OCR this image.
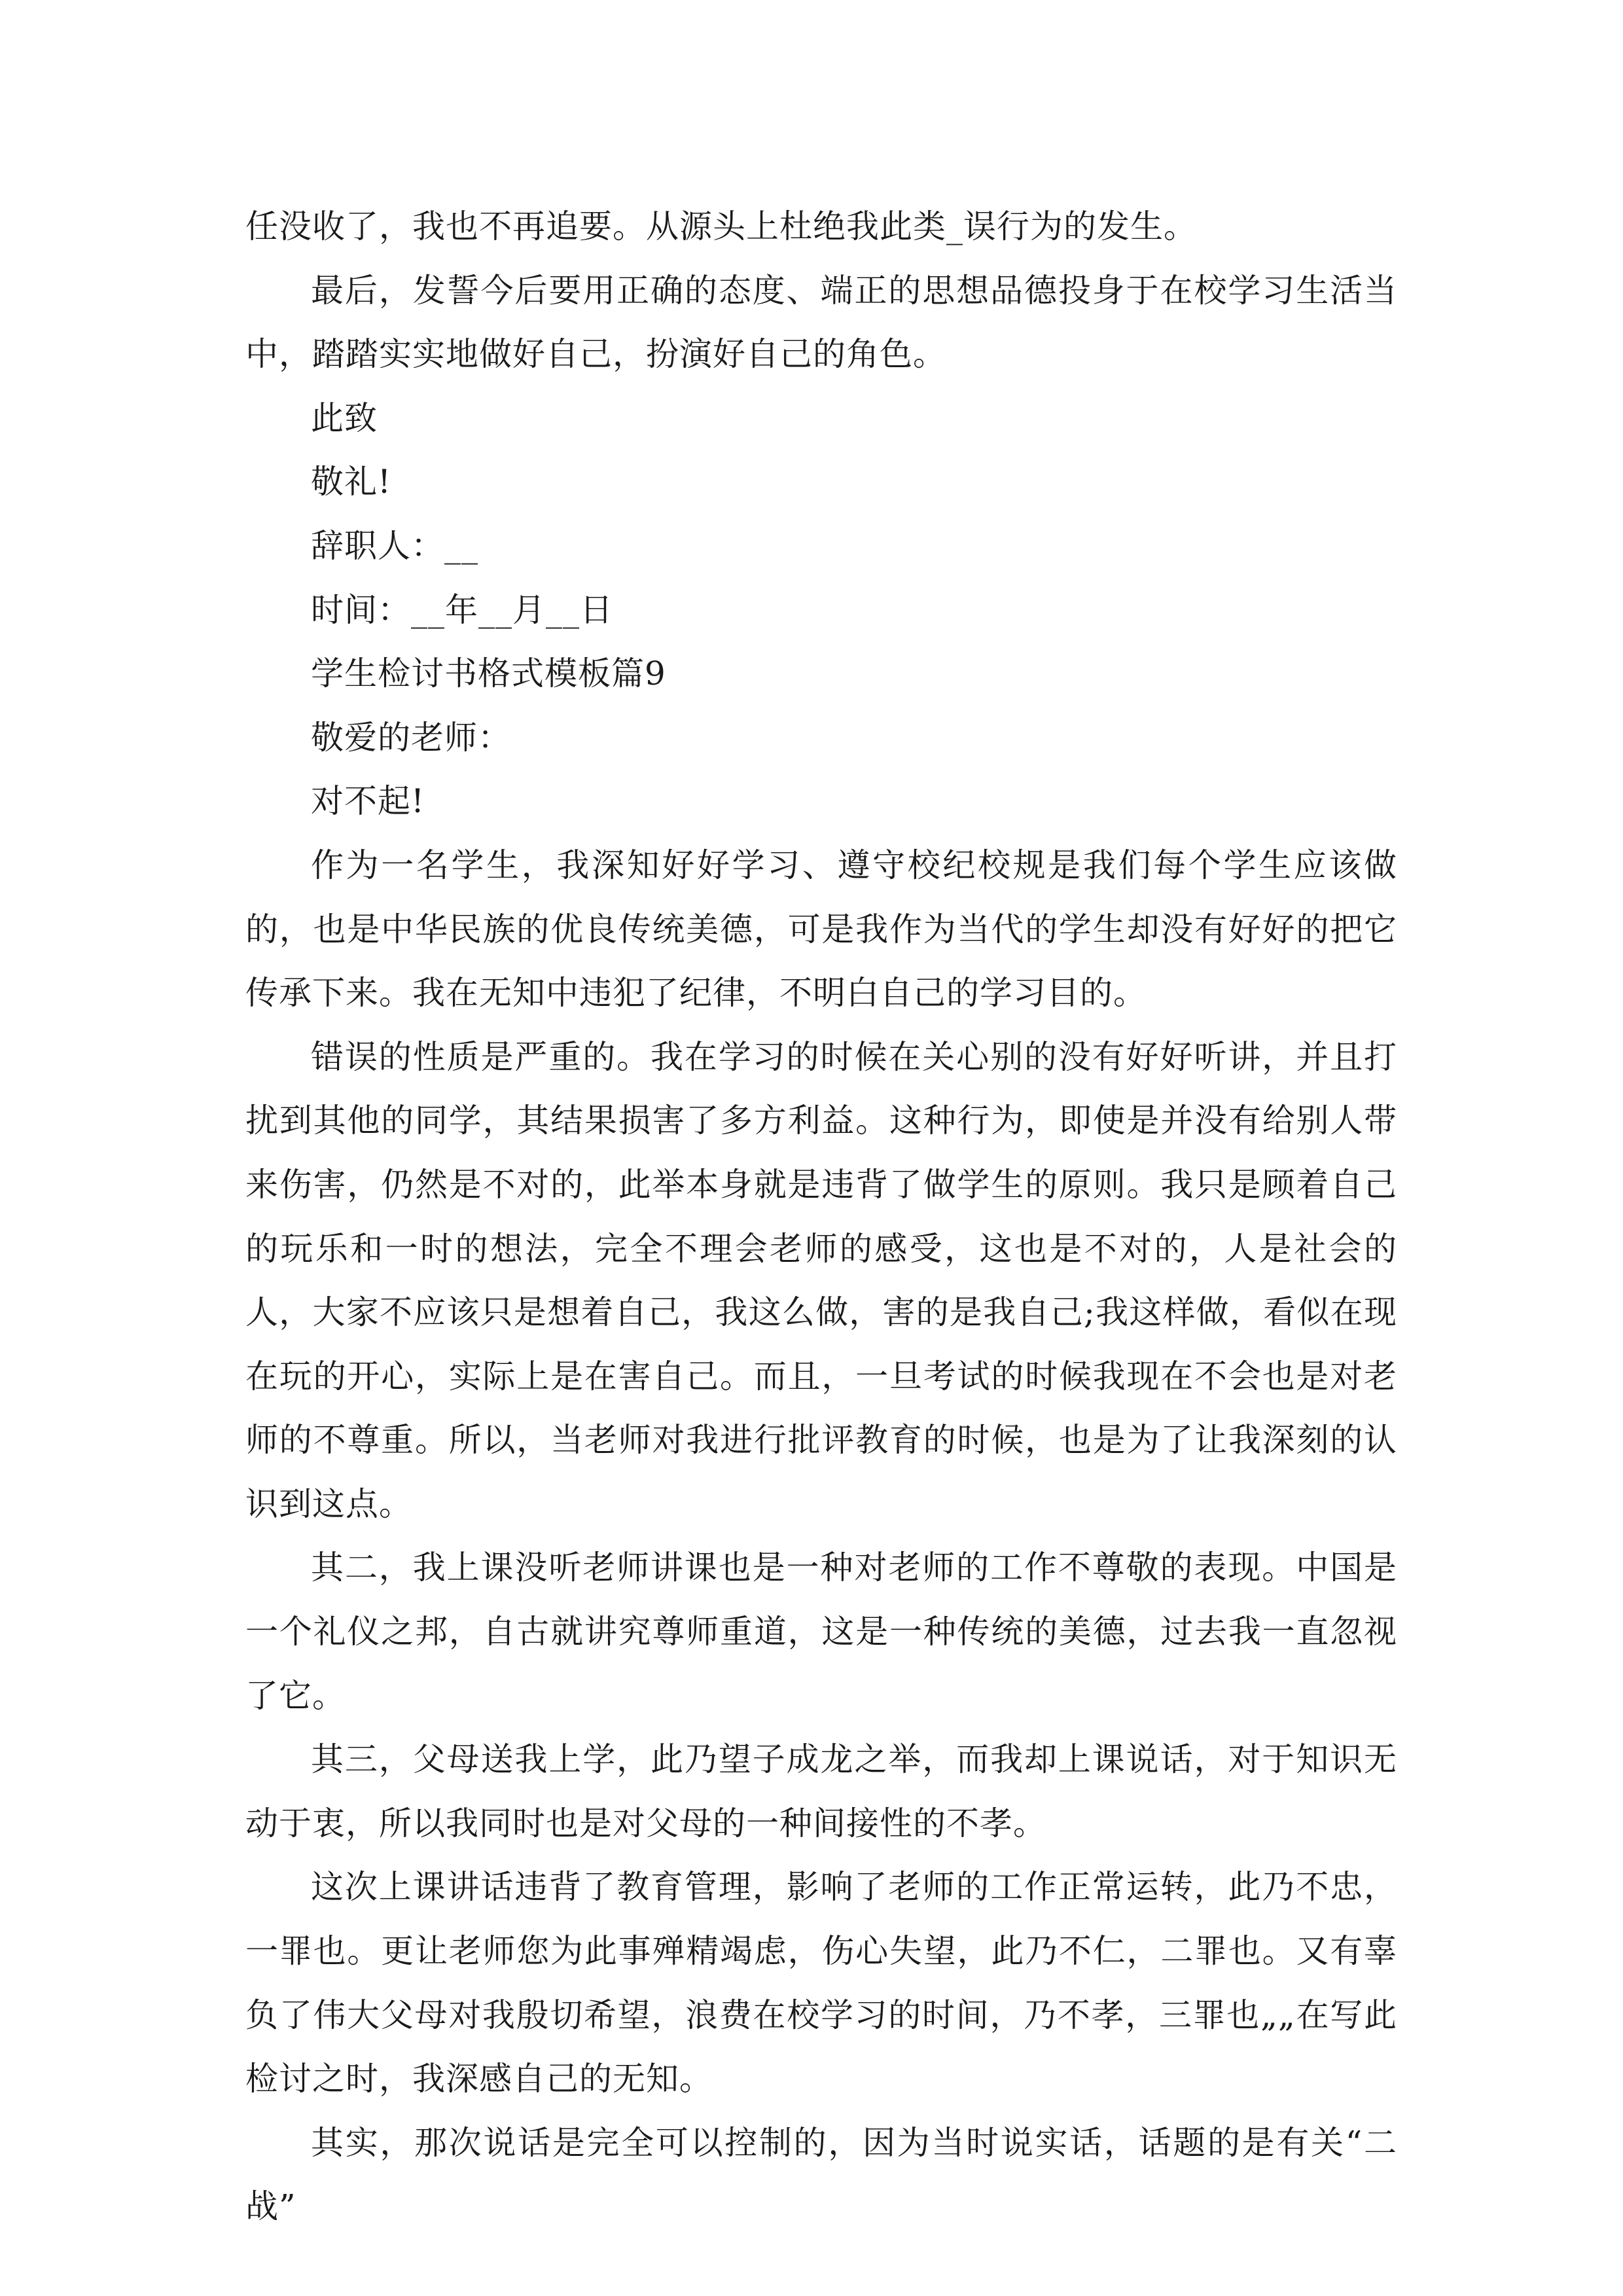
任没收了，我也不再追要。从源头上杜绝我此类_误行为的发生。

最后，发誓今后要用正确的态度、端正的思想品德投身于在校学习生活当中，踏踏实实地做好自己，扮演好自己的角色。

此致

敬礼!

辞职人：__

时间：__年__月__日

学生检讨书格式模板篇9

敬爱的老师：

对不起!

作为一名学生，我深知好好学习、遵守校纪校规是我们每个学生应该做的，也是中华民族的优良传统美德，可是我作为当代的学生却没有好好的把它传承下来。我在无知中违犯了纪律，不明白自己的学习目的。

错误的性质是严重的。我在学习的时候在关心别的没有好好听讲，并且打扰到其他的同学，其结果损害了多方利益。这种行为，即使是并没有给别人带来伤害，仍然是不对的，此举本身就是违背了做学生的原则。我只是顾着自己的玩乐和一时的想法，完全不理会老师的感受，这也是不对的，人是社会的人，大家不应该只是想着自己，我这么做，害的是我自己;我这样做，看似在现在玩的开心，实际上是在害自己。而且，一旦考试的时候我现在不会也是对老师的不尊重。所以，当老师对我进行批评教育的时候，也是为了让我深刻的认识到这点。

其二，我上课没听老师讲课也是一种对老师的工作不尊敬的表现。中国是一个礼仪之邦，自古就讲究尊师重道，这是一种传统的美德，过去我一直忽视了它。

其三，父母送我上学，此乃望子成龙之举，而我却上课说话，对于知识无动于衷，所以我同时也是对父母的一种间接性的不孝。

这次上课讲话违背了教育管理，影响了老师的工作正常运转，此乃不忠，一罪也。更让老师您为此事殚精竭虑，伤心失望，此乃不仁，二罪也。又有辜负了伟大父母对我殷切希望，浪费在校学习的时间，乃不孝，三罪也„„在写此检讨之时，我深感自己的无知。

其实，那次说话是完全可以控制的，因为当时说实话，话题的是有关“二战”
